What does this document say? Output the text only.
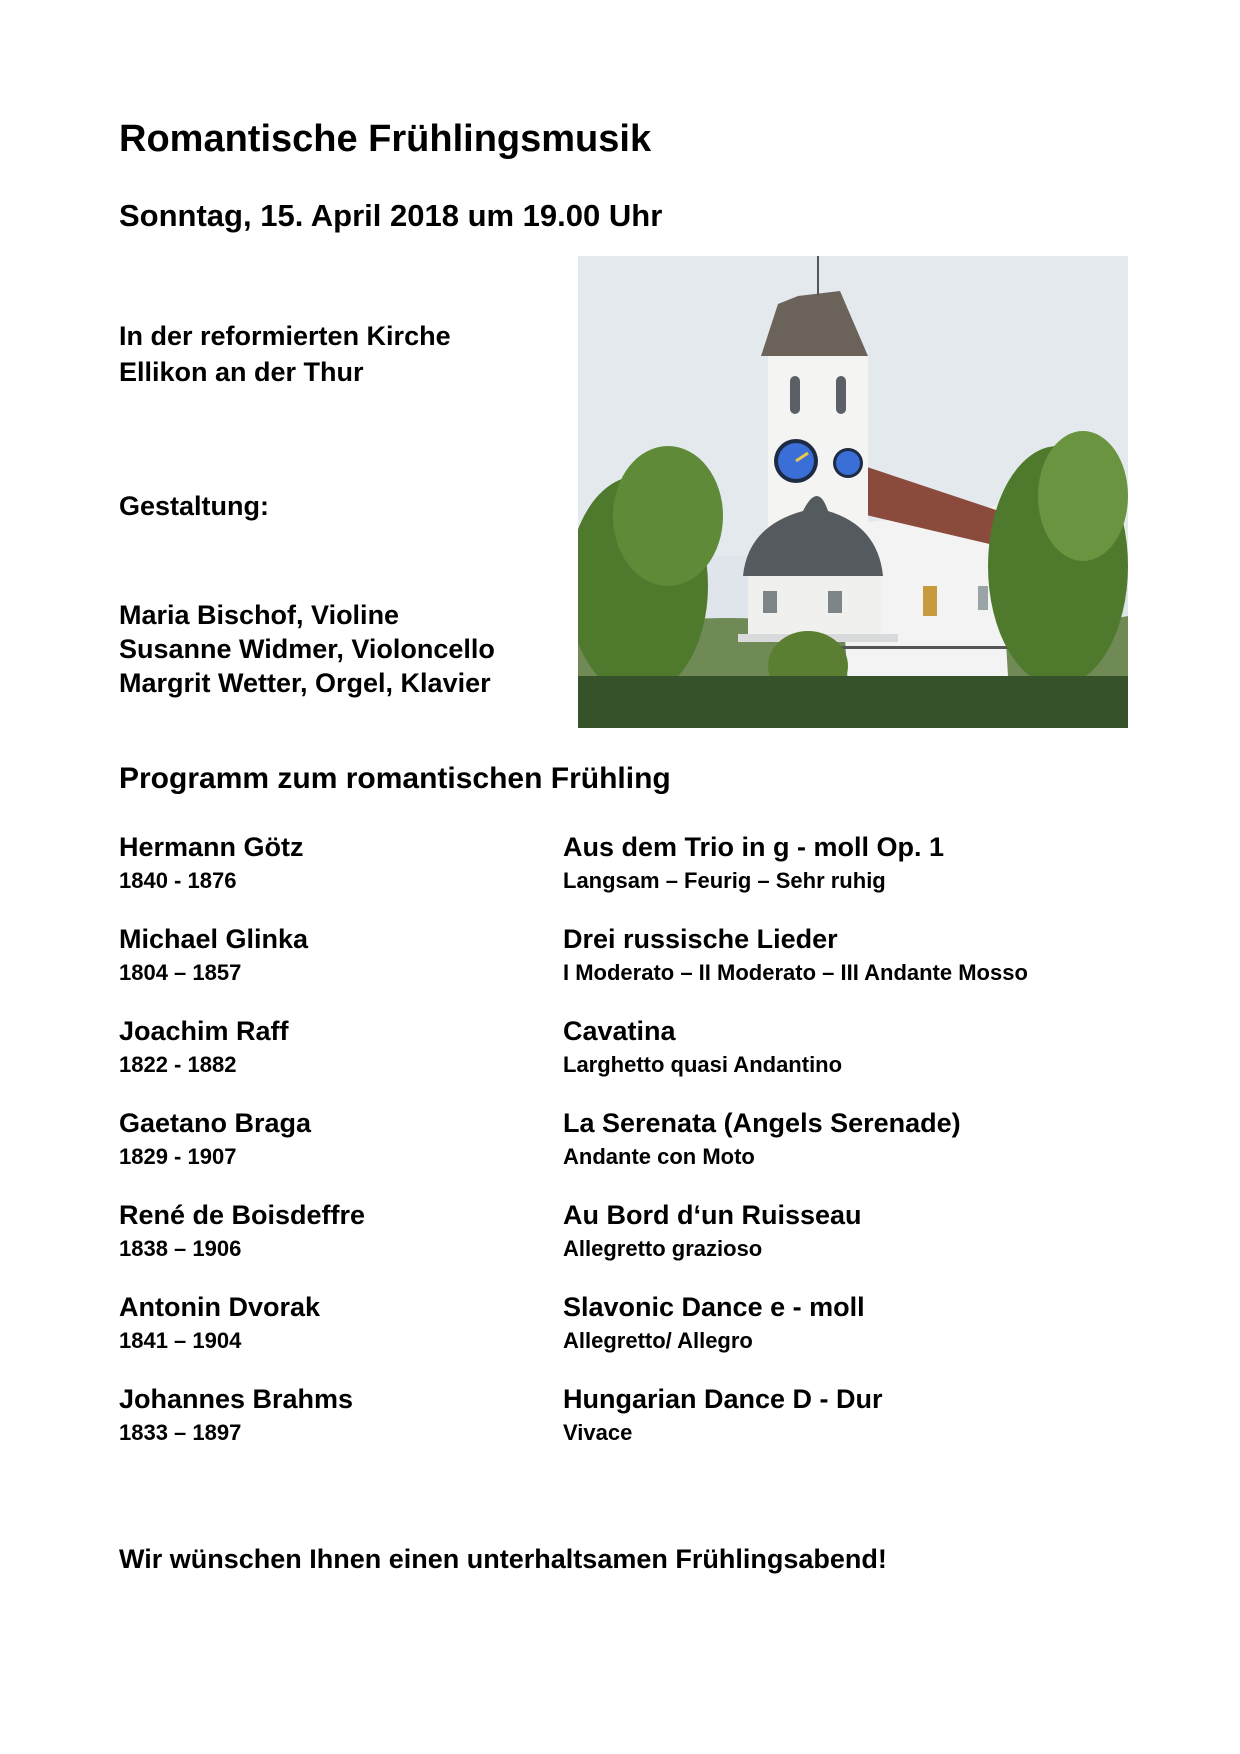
Romantische Frühlingsmusik
Sonntag, 15. April 2018 um 19.00 Uhr
In der reformierten Kirche
Ellikon an der Thur
Gestaltung:
Maria Bischof, Violine
Susanne Widmer, Violoncello
Margrit Wetter, Orgel, Klavier
Programm zum romantischen Frühling
Hermann Götz
1840 - 1876
Aus dem Trio in g - moll Op. 1
Langsam – Feurig – Sehr ruhig
Michael Glinka
1804 – 1857
Drei russische Lieder
I Moderato – II Moderato – III Andante Mosso
Joachim Raff
1822 - 1882
Cavatina
Larghetto quasi Andantino
Gaetano Braga
1829 - 1907
La Serenata (Angels Serenade)
Andante con Moto
René de Boisdeffre
1838 – 1906
Au Bord d‘un Ruisseau
Allegretto grazioso
Antonin Dvorak
1841 – 1904
Slavonic Dance e - moll
Allegretto/ Allegro
Johannes Brahms
1833 – 1897
Hungarian Dance D - Dur
Vivace
Wir wünschen Ihnen einen unterhaltsamen Frühlingsabend!
